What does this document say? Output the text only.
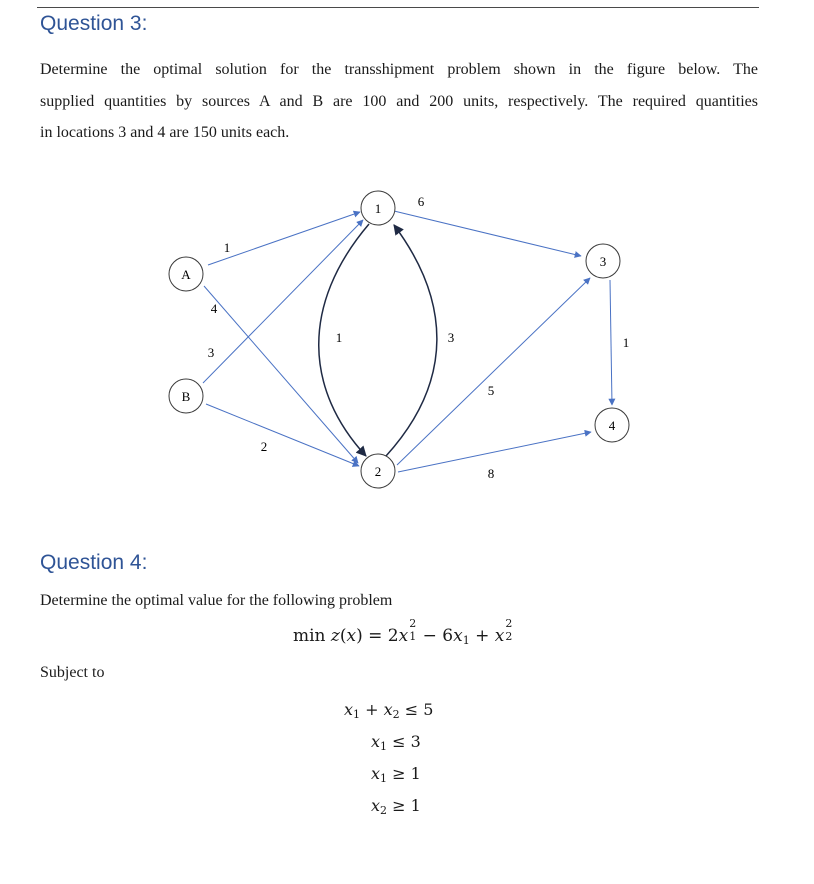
Question 3:
Determine the optimal solution for the transshipment problem shown in the figure below. The
supplied quantities by sources A and B are 100 and 200 units, respectively. The required quantities
in locations 3 and 4 are 150 units each.
A
B
1
2
3
4
1
4
3
2
1	3
6
5
8
1
Question 4:
Determine the optimal value for the following problem
min z(x) = 2x
2
$1 - 6x_1 + x$
2
2
Subject to
$x_1 + x_2 \le 5$
$x_1 \le 3$
$x_1 \ge 1$
$x_2 \ge 1$
